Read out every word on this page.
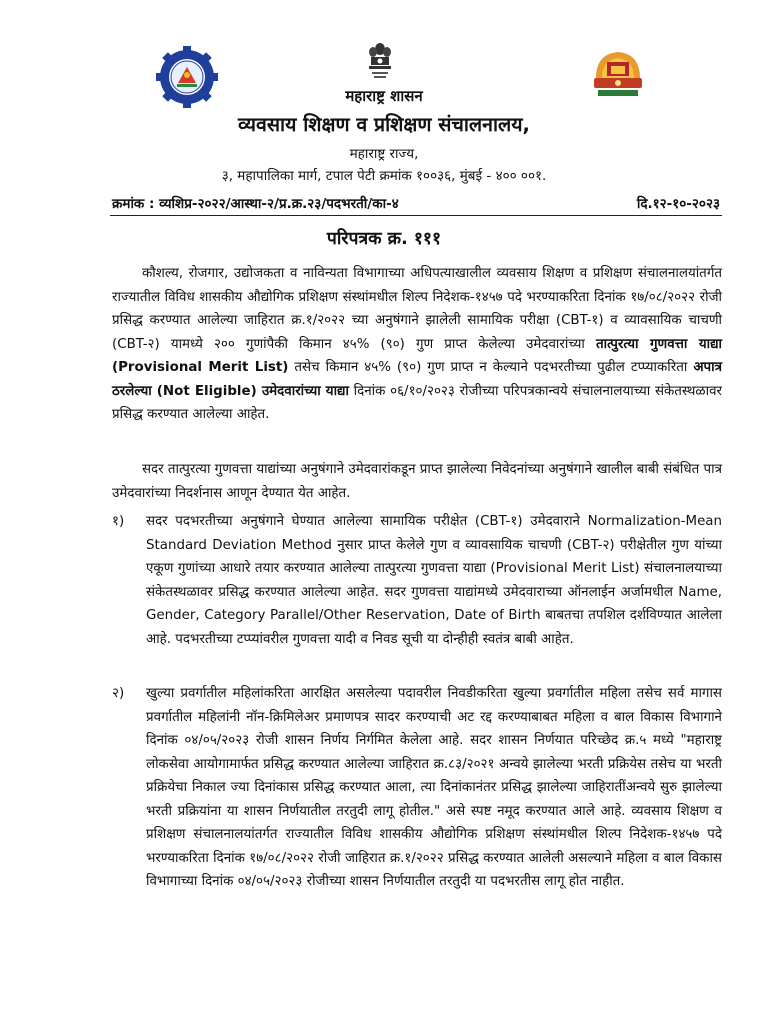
महाराष्ट्र शासन
व्यवसाय शिक्षण व प्रशिक्षण संचालनालय,
महाराष्ट्र राज्य,
३, महापालिका मार्ग, टपाल पेटी क्रमांक १००३६, मुंबई - ४०० ००१.
क्रमांक : व्यशिप्र-२०२२/आस्था-२/प्र.क्र.२३/पदभरती/का-४	दि.१२-१०-२०२३
परिपत्रक क्र. १११

कौशल्य, रोजगार, उद्योजकता व नाविन्यता विभागाच्या अधिपत्याखालील व्यवसाय शिक्षण व प्रशिक्षण संचालनालयांतर्गत राज्यातील विविध शासकीय औद्योगिक प्रशिक्षण संस्थांमधील शिल्प निदेशक-१४५७ पदे भरण्याकरिता दिनांक १७/०८/२०२२ रोजी प्रसिद्ध करण्यात आलेल्या जाहिरात क्र.१/२०२२ च्या अनुषंगाने झालेली सामायिक परीक्षा (CBT-१) व व्यावसायिक चाचणी (CBT-२) यामध्ये २०० गुणांपैकी किमान ४५% (९०) गुण प्राप्त केलेल्या उमेदवारांच्या तात्पुरत्या गुणवत्ता याद्या (Provisional Merit List) तसेच किमान ४५% (९०) गुण प्राप्त न केल्याने पदभरतीच्या पुढील टप्प्याकरिता अपात्र ठरलेल्या (Not Eligible) उमेदवारांच्या याद्या दिनांक ०६/१०/२०२३ रोजीच्या परिपत्रकान्वये संचालनालयाच्या संकेतस्थळावर प्रसिद्ध करण्यात आलेल्या आहेत.

सदर तात्पुरत्या गुणवत्ता याद्यांच्या अनुषंगाने उमेदवारांकडून प्राप्त झालेल्या निवेदनांच्या अनुषंगाने खालील बाबी संबंधित पात्र उमेदवारांच्या निदर्शनास आणून देण्यात येत आहेत.

१)	सदर पदभरतीच्या अनुषंगाने घेण्यात आलेल्या सामायिक परीक्षेत (CBT-१) उमेदवाराने Normalization-Mean Standard Deviation Method नुसार प्राप्त केलेले गुण व व्यावसायिक चाचणी (CBT-२) परीक्षेतील गुण यांच्या एकूण गुणांच्या आधारे तयार करण्यात आलेल्या तात्पुरत्या गुणवत्ता याद्या (Provisional Merit List) संचालनालयाच्या संकेतस्थळावर प्रसिद्ध करण्यात आलेल्या आहेत. सदर गुणवत्ता याद्यांमध्ये उमेदवाराच्या ऑनलाईन अर्जामधील Name, Gender, Category Parallel/Other Reservation, Date of Birth बाबतचा तपशिल दर्शविण्यात आलेला आहे. पदभरतीच्या टप्प्यांवरील गुणवत्ता यादी व निवड सूची या दोन्हीही स्वतंत्र बाबी आहेत.

२)	खुल्या प्रवर्गातील महिलांकरिता आरक्षित असलेल्या पदावरील निवडीकरिता खुल्या प्रवर्गातील महिला तसेच सर्व मागास प्रवर्गातील महिलांनी नॉन-क्रिमिलेअर प्रमाणपत्र सादर करण्याची अट रद्द करण्याबाबत महिला व बाल विकास विभागाने दिनांक ०४/०५/२०२३ रोजी शासन निर्णय निर्गमित केलेला आहे. सदर शासन निर्णयात परिच्छेद क्र.५ मध्ये "महाराष्ट्र लोकसेवा आयोगामार्फत प्रसिद्ध करण्यात आलेल्या जाहिरात क्र.८३/२०२१ अन्वये झालेल्या भरती प्रक्रियेस तसेच या भरती प्रक्रियेचा निकाल ज्या दिनांकास प्रसिद्ध करण्यात आला, त्या दिनांकानंतर प्रसिद्ध झालेल्या जाहिरातींअन्वये सुरु झालेल्या भरती प्रक्रियांना या शासन निर्णयातील तरतुदी लागू होतील." असे स्पष्ट नमूद करण्यात आले आहे. व्यवसाय शिक्षण व प्रशिक्षण संचालनालयांतर्गत राज्यातील विविध शासकीय औद्योगिक प्रशिक्षण संस्थांमधील शिल्प निदेशक-१४५७ पदे भरण्याकरिता दिनांक १७/०८/२०२२ रोजी जाहिरात क्र.१/२०२२ प्रसिद्ध करण्यात आलेली असल्याने महिला व बाल विकास विभागाच्या दिनांक ०४/०५/२०२३ रोजीच्या शासन निर्णयातील तरतुदी या पदभरतीस लागू होत नाहीत.
